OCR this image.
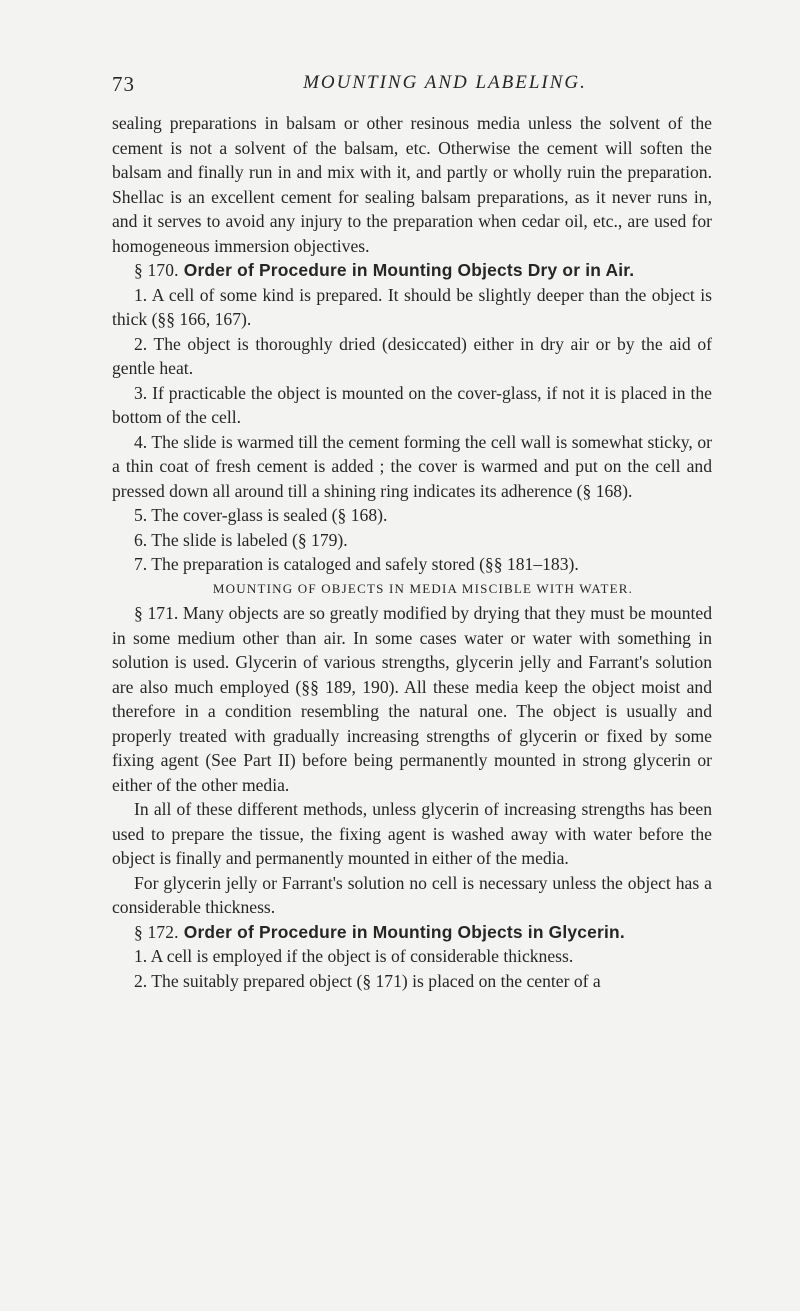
73	MOUNTING AND LABELING.

sealing preparations in balsam or other resinous media unless the solvent of the cement is not a solvent of the balsam, etc. Otherwise the cement will soften the balsam and finally run in and mix with it, and partly or wholly ruin the preparation. Shellac is an excellent cement for sealing balsam preparations, as it never runs in, and it serves to avoid any injury to the preparation when cedar oil, etc., are used for homogeneous immersion objectives.

§ 170. Order of Procedure in Mounting Objects Dry or in Air.

1. A cell of some kind is prepared. It should be slightly deeper than the object is thick (§§ 166, 167).

2. The object is thoroughly dried (desiccated) either in dry air or by the aid of gentle heat.

3. If practicable the object is mounted on the cover-glass, if not it is placed in the bottom of the cell.

4. The slide is warmed till the cement forming the cell wall is somewhat sticky, or a thin coat of fresh cement is added ; the cover is warmed and put on the cell and pressed down all around till a shining ring indicates its adherence (§ 168).

5. The cover-glass is sealed (§ 168).

6. The slide is labeled (§ 179).

7. The preparation is cataloged and safely stored (§§ 181–183).

MOUNTING OF OBJECTS IN MEDIA MISCIBLE WITH WATER.

§ 171. Many objects are so greatly modified by drying that they must be mounted in some medium other than air. In some cases water or water with something in solution is used. Glycerin of various strengths, glycerin jelly and Farrant's solution are also much employed (§§ 189, 190). All these media keep the object moist and therefore in a condition resembling the natural one. The object is usually and properly treated with gradually increasing strengths of glycerin or fixed by some fixing agent (See Part II) before being permanently mounted in strong glycerin or either of the other media.

In all of these different methods, unless glycerin of increasing strengths has been used to prepare the tissue, the fixing agent is washed away with water before the object is finally and permanently mounted in either of the media.

For glycerin jelly or Farrant's solution no cell is necessary unless the object has a considerable thickness.

§ 172. Order of Procedure in Mounting Objects in Glycerin.

1. A cell is employed if the object is of considerable thickness.

2. The suitably prepared object (§ 171) is placed on the center of a
